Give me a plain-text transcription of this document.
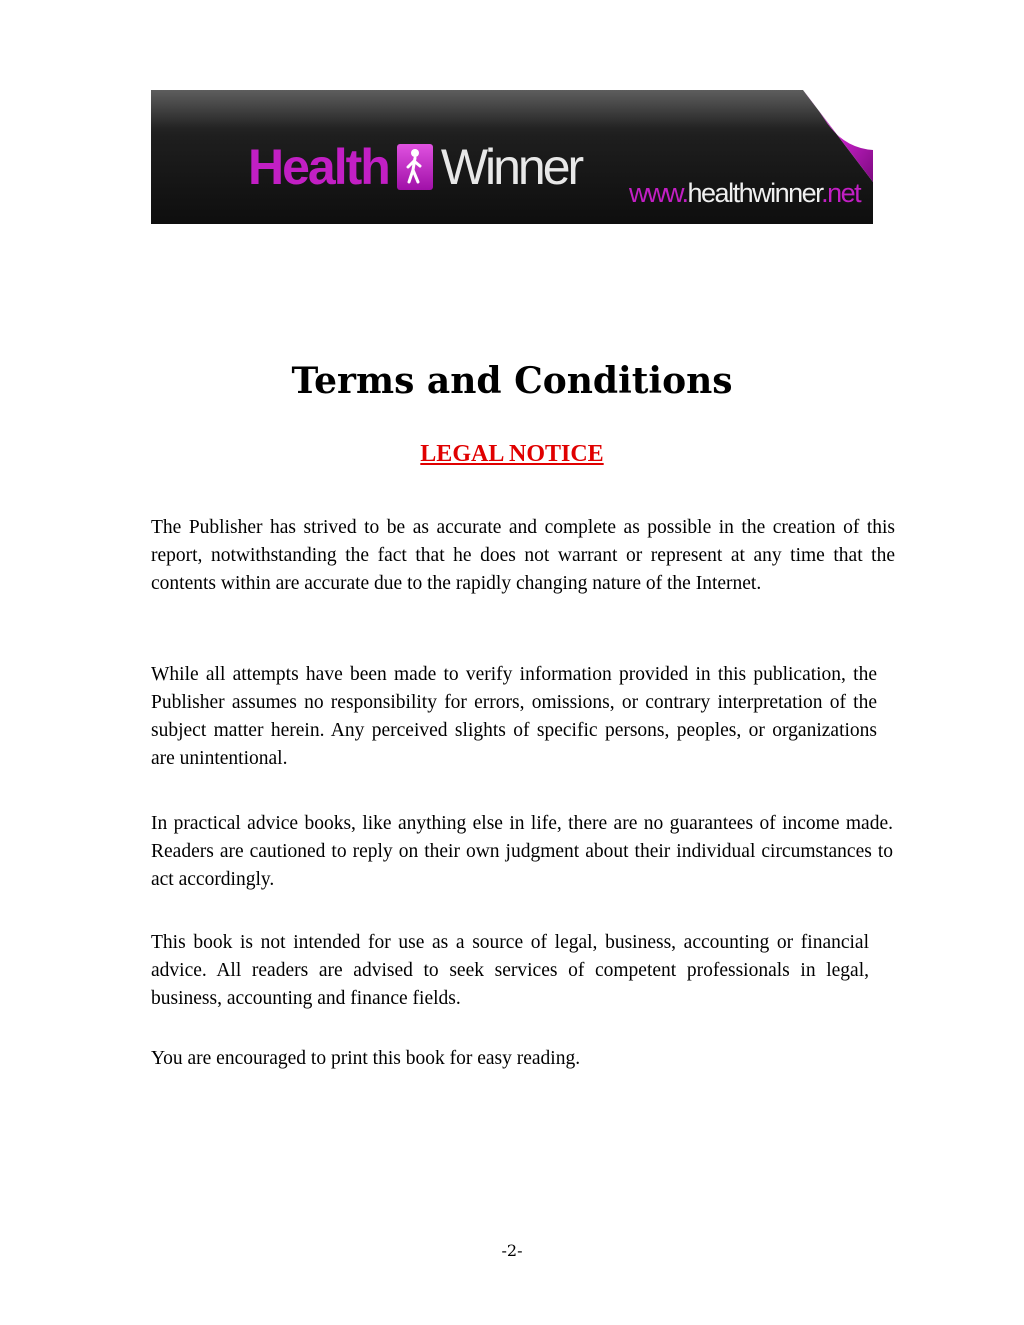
Health Winner www.healthwinner.net
Terms and Conditions
LEGAL NOTICE

The Publisher has strived to be as accurate and complete as possible in the creation of this report, notwithstanding the fact that he does not warrant or represent at any time that the contents within are accurate due to the rapidly changing nature of the Internet.

While all attempts have been made to verify information provided in this publication, the Publisher assumes no responsibility for errors, omissions, or contrary interpretation of the subject matter herein. Any perceived slights of specific persons, peoples, or organizations are unintentional.

In practical advice books, like anything else in life, there are no guarantees of income made. Readers are cautioned to reply on their own judgment about their individual circumstances to act accordingly.

This book is not intended for use as a source of legal, business, accounting or financial advice. All readers are advised to seek services of competent professionals in legal, business, accounting and finance fields.

You are encouraged to print this book for easy reading.

-2-
